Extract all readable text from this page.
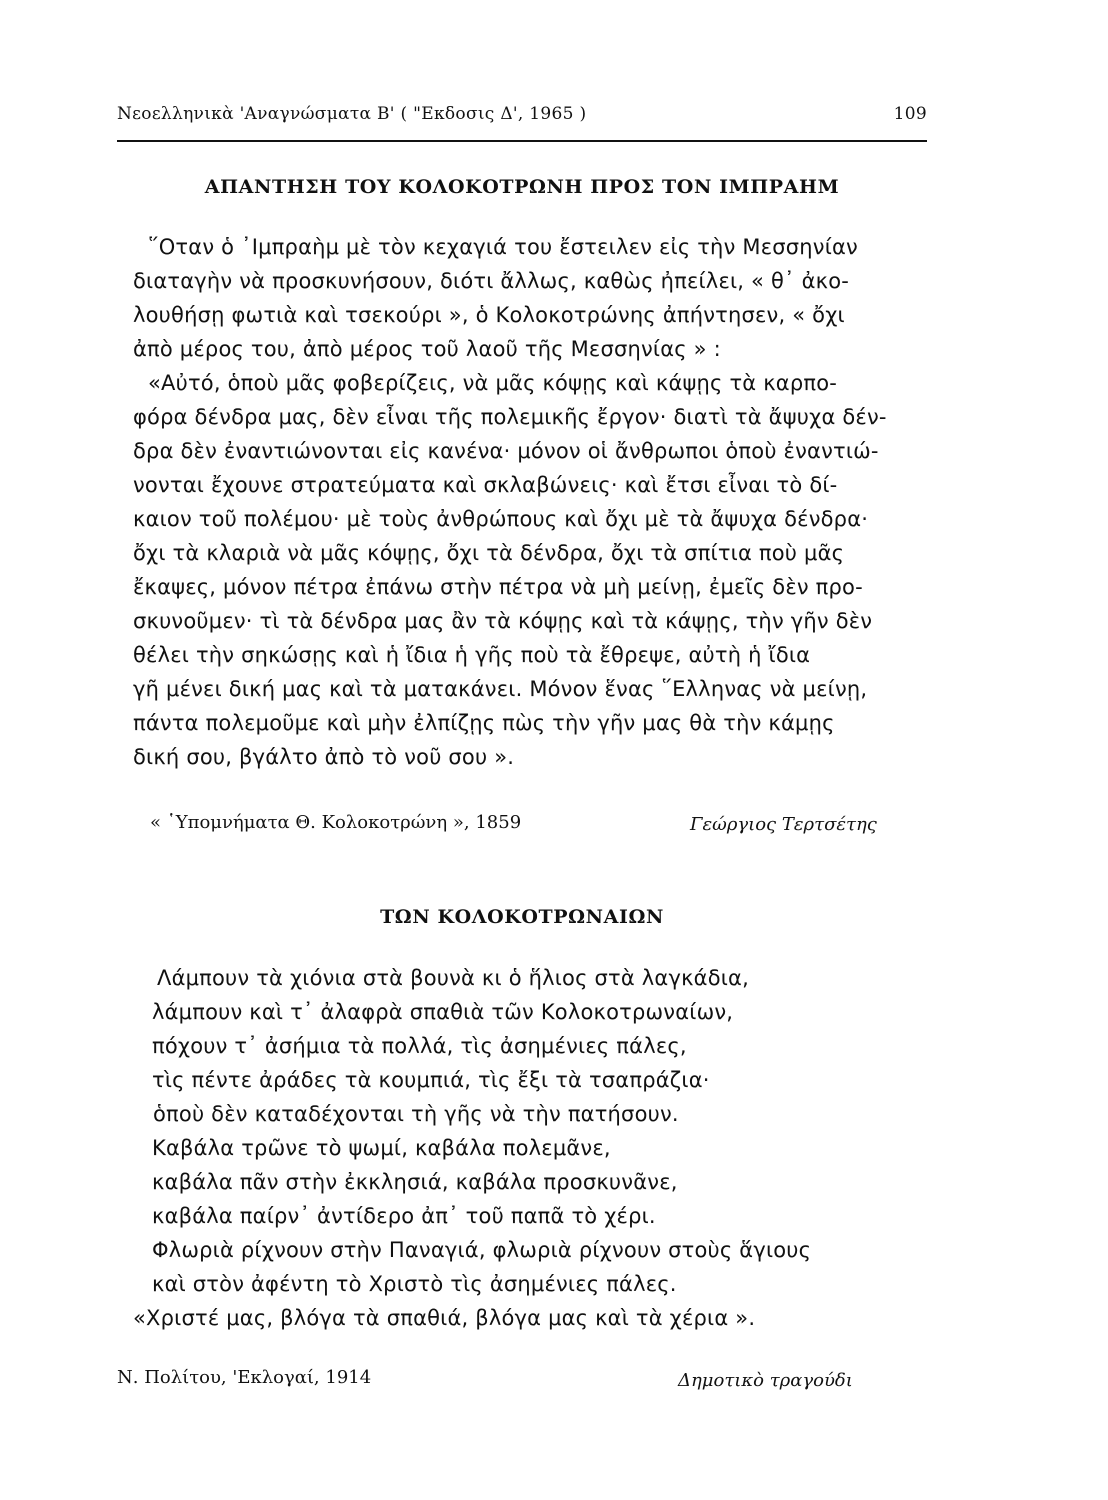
Νεοελληνικὰ 'Αναγνώσματα Β' ( "Εκδοσις Δ', 1965 )	109
ΑΠΑΝΤΗΣΗ ΤΟΥ ΚΟΛΟΚΟΤΡΩΝΗ ΠΡΟΣ ΤΟΝ ΙΜΠΡΑΗΜ
῞Οταν ὁ ᾿Ιμπραὴμ μὲ τὸν κεχαγιά του ἔστειλεν εἰς τὴν Μεσσηνίαν
διαταγὴν νὰ προσκυνήσουν, διότι ἄλλως, καθὼς ἠπείλει, « θ᾿ ἀκο-
λουθήσῃ φωτιὰ καὶ τσεκούρι », ὁ Κολοκοτρώνης ἀπήντησεν, « ὄχι
ἀπὸ μέρος του, ἀπὸ μέρος τοῦ λαοῦ τῆς Μεσσηνίας » :
«Αὐτό, ὁποὺ μᾶς φοβερίζεις, νὰ μᾶς κόψῃς καὶ κάψῃς τὰ καρπο-
φόρα δένδρα μας, δὲν εἶναι τῆς πολεμικῆς ἔργον· διατὶ τὰ ἄψυχα δέν-
δρα δὲν ἐναντιώνονται εἰς κανένα· μόνον οἱ ἄνθρωποι ὁποὺ ἐναντιώ-
νονται ἔχουνε στρατεύματα καὶ σκλαβώνεις· καὶ ἔτσι εἶναι τὸ δί-
καιον τοῦ πολέμου· μὲ τοὺς ἀνθρώπους καὶ ὄχι μὲ τὰ ἄψυχα δένδρα·
ὄχι τὰ κλαριὰ νὰ μᾶς κόψῃς, ὄχι τὰ δένδρα, ὄχι τὰ σπίτια ποὺ μᾶς
ἔκαψες, μόνον πέτρα ἐπάνω στὴν πέτρα νὰ μὴ μείνῃ, ἐμεῖς δὲν προ-
σκυνοῦμεν· τὶ τὰ δένδρα μας ἂν τὰ κόψῃς καὶ τὰ κάψῃς, τὴν γῆν δὲν
θέλει τὴν σηκώσῃς καὶ ἡ ἴδια ἡ γῆς ποὺ τὰ ἔθρεψε, αὐτὴ ἡ ἴδια
γῆ μένει δική μας καὶ τὰ ματακάνει. Μόνον ἕνας ῞Ελληνας νὰ μείνῃ,
πάντα πολεμοῦμε καὶ μὴν ἐλπίζῃς πὼς τὴν γῆν μας θὰ τὴν κάμῃς
δική σου, βγάλτο ἀπὸ τὸ νοῦ σου ».
« ῾Υπομνήματα Θ. Κολοκοτρώνη », 1859	Γεώργιος Τερτσέτης
ΤΩΝ ΚΟΛΟΚΟΤΡΩΝΑΙΩΝ
Λάμπουν τὰ χιόνια στὰ βουνὰ κι ὁ ἥλιος στὰ λαγκάδια,
λάμπουν καὶ τ᾿ ἀλαφρὰ σπαθιὰ τῶν Κολοκοτρωναίων,
πόχουν τ᾿ ἀσήμια τὰ πολλά, τὶς ἀσημένιες πάλες,
τὶς πέντε ἀράδες τὰ κουμπιά, τὶς ἔξι τὰ τσαπράζια·
ὁποὺ δὲν καταδέχονται τὴ γῆς νὰ τὴν πατήσουν.
Καβάλα τρῶνε τὸ ψωμί, καβάλα πολεμᾶνε,
καβάλα πᾶν στὴν ἐκκλησιά, καβάλα προσκυνᾶνε,
καβάλα παίρν᾿ ἀντίδερο ἀπ᾿ τοῦ παπᾶ τὸ χέρι.
Φλωριὰ ρίχνουν στὴν Παναγιά, φλωριὰ ρίχνουν στοὺς ἅγιους
καὶ στὸν ἀφέντη τὸ Χριστὸ τὶς ἀσημένιες πάλες.
«Χριστέ μας, βλόγα τὰ σπαθιά, βλόγα μας καὶ τὰ χέρια ».
Ν. Πολίτου, 'Εκλογαί, 1914	Δημοτικὸ τραγούδι
